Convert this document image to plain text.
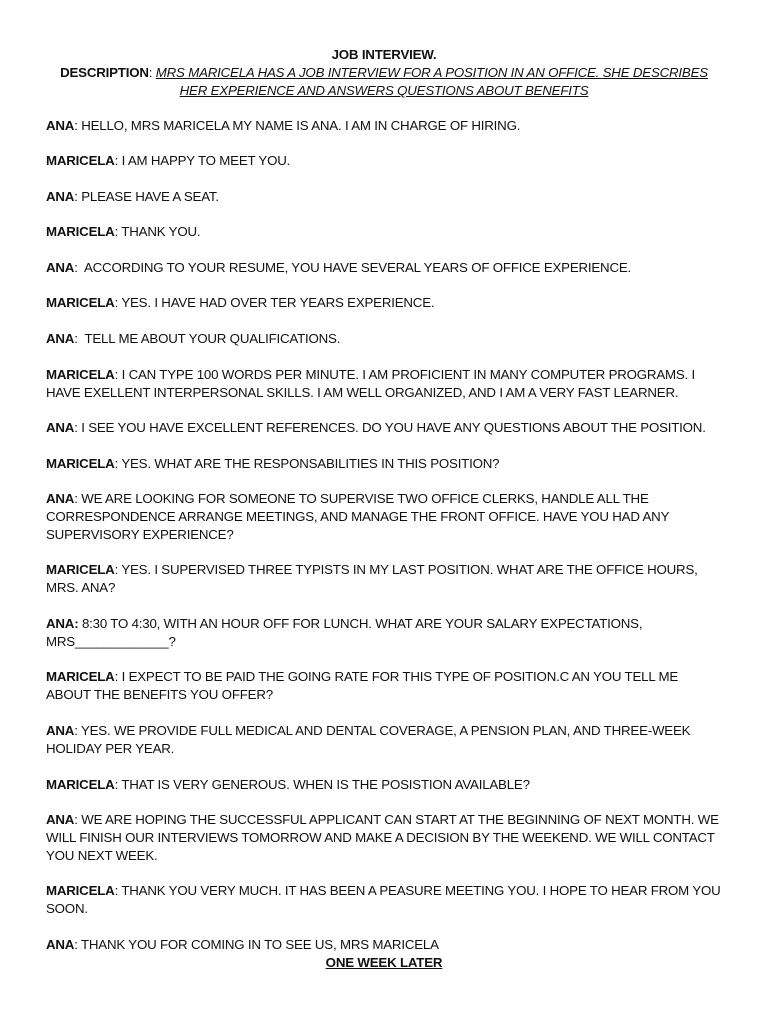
JOB INTERVIEW.
DESCRIPTION: MRS MARICELA HAS A JOB INTERVIEW FOR A POSITION IN AN OFFICE. SHE DESCRIBES HER EXPERIENCE AND ANSWERS QUESTIONS ABOUT BENEFITS
ANA: HELLO, MRS MARICELA MY NAME IS ANA. I AM IN CHARGE OF HIRING.
MARICELA: I AM HAPPY TO MEET YOU.
ANA: PLEASE HAVE A SEAT.
MARICELA: THANK YOU.
ANA:  ACCORDING TO YOUR RESUME, YOU HAVE SEVERAL YEARS OF OFFICE EXPERIENCE.
MARICELA: YES. I HAVE HAD OVER TER YEARS EXPERIENCE.
ANA:  TELL ME ABOUT YOUR QUALIFICATIONS.
MARICELA: I CAN TYPE 100 WORDS PER MINUTE. I AM PROFICIENT IN MANY COMPUTER PROGRAMS. I HAVE EXELLENT INTERPERSONAL SKILLS. I AM WELL ORGANIZED, AND I AM A VERY FAST LEARNER.
ANA: I SEE YOU HAVE EXCELLENT REFERENCES. DO YOU HAVE ANY QUESTIONS ABOUT THE POSITION.
MARICELA: YES. WHAT ARE THE RESPONSABILITIES IN THIS POSITION?
ANA: WE ARE LOOKING FOR SOMEONE TO SUPERVISE TWO OFFICE CLERKS, HANDLE ALL THE CORRESPONDENCE ARRANGE MEETINGS, AND MANAGE THE FRONT OFFICE. HAVE YOU HAD ANY SUPERVISORY EXPERIENCE?
MARICELA: YES. I SUPERVISED THREE TYPISTS IN MY LAST POSITION. WHAT ARE THE OFFICE HOURS, MRS. ANA?
ANA: 8:30 TO 4:30, WITH AN HOUR OFF FOR LUNCH. WHAT ARE YOUR SALARY EXPECTATIONS, MRS_____________?
MARICELA: I EXPECT TO BE PAID THE GOING RATE FOR THIS TYPE OF POSITION.C AN YOU TELL ME ABOUT THE BENEFITS YOU OFFER?
ANA: YES. WE PROVIDE FULL MEDICAL AND DENTAL COVERAGE, A PENSION PLAN, AND THREE-WEEK HOLIDAY PER YEAR.
MARICELA: THAT IS VERY GENEROUS. WHEN IS THE POSISTION AVAILABLE?
ANA: WE ARE HOPING THE SUCCESSFUL APPLICANT CAN START AT THE BEGINNING OF NEXT MONTH. WE WILL FINISH OUR INTERVIEWS TOMORROW AND MAKE A DECISION BY THE WEEKEND. WE WILL CONTACT YOU NEXT WEEK.
MARICELA: THANK YOU VERY MUCH. IT HAS BEEN A PEASURE MEETING YOU. I HOPE TO HEAR FROM YOU SOON.
ANA: THANK YOU FOR COMING IN TO SEE US, MRS MARICELA
ONE WEEK LATER
